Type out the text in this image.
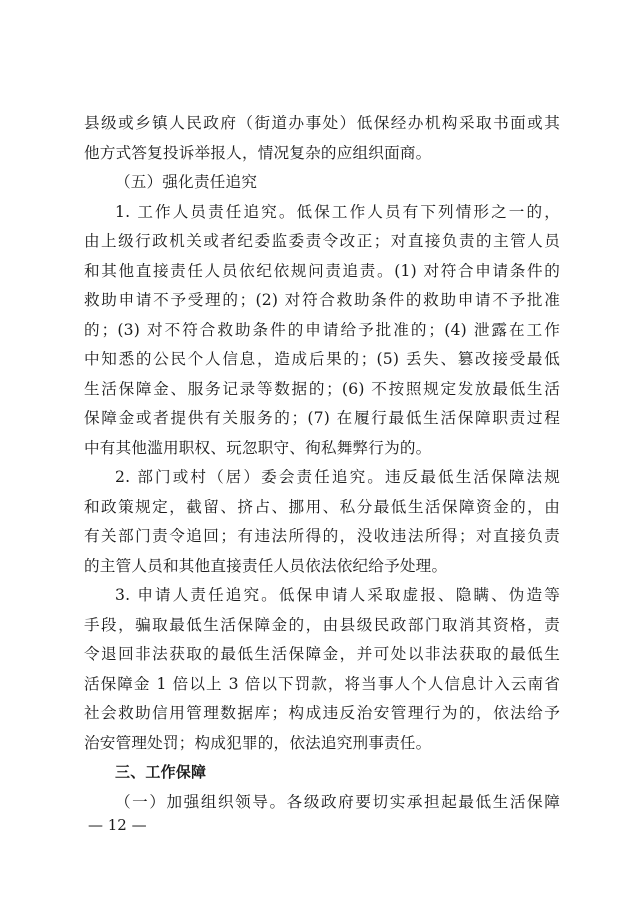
县级或乡镇人民政府（街道办事处）低保经办机构采取书面或其
他方式答复投诉举报人，情况复杂的应组织面商。
（五）强化责任追究
1. 工作人员责任追究。低保工作人员有下列情形之一的，
由上级行政机关或者纪委监委责令改正；对直接负责的主管人员
和其他直接责任人员依纪依规问责追责。(1) 对符合申请条件的
救助申请不予受理的；(2) 对符合救助条件的救助申请不予批准
的；(3) 对不符合救助条件的申请给予批准的；(4) 泄露在工作
中知悉的公民个人信息，造成后果的；(5) 丢失、篡改接受最低
生活保障金、服务记录等数据的；(6) 不按照规定发放最低生活
保障金或者提供有关服务的；(7) 在履行最低生活保障职责过程
中有其他滥用职权、玩忽职守、徇私舞弊行为的。
2. 部门或村（居）委会责任追究。违反最低生活保障法规
和政策规定，截留、挤占、挪用、私分最低生活保障资金的，由
有关部门责令追回；有违法所得的，没收违法所得；对直接负责
的主管人员和其他直接责任人员依法依纪给予处理。
3. 申请人责任追究。低保申请人采取虚报、隐瞒、伪造等
手段，骗取最低生活保障金的，由县级民政部门取消其资格，责
令退回非法获取的最低生活保障金，并可处以非法获取的最低生
活保障金 1 倍以上 3 倍以下罚款，将当事人个人信息计入云南省
社会救助信用管理数据库；构成违反治安管理行为的，依法给予
治安管理处罚；构成犯罪的，依法追究刑事责任。
— 12 —
三、工作保障
（一）加强组织领导。各级政府要切实承担起最低生活保障
